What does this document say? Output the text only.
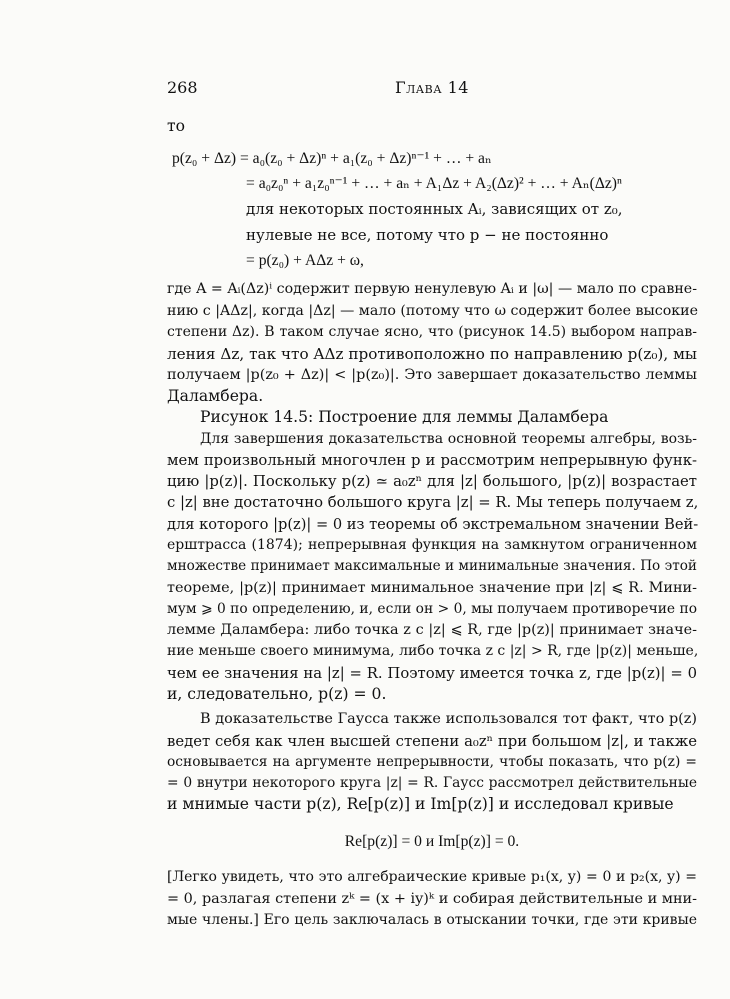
268	Глава 14
то
p(z₀ + Δz) = a₀(z₀ + Δz)ⁿ + a₁(z₀ + Δz)ⁿ⁻¹ + … + aₙ
= a₀z₀ⁿ + a₁z₀ⁿ⁻¹ + … + aₙ + A₁Δz + A₂(Δz)² + … + Aₙ(Δz)ⁿ
для некоторых постоянных Aᵢ, зависящих от z₀,
нулевые не все, потому что p − не постоянно
= p(z₀) + AΔz + ω,
где A = Aᵢ(Δz)ⁱ содержит первую ненулевую Aᵢ и |ω| — мало по сравне-
нию с |AΔz|, когда |Δz| — мало (потому что ω содержит более высокие
степени Δz). В таком случае ясно, что (рисунок 14.5) выбором направ-
ления Δz, так что AΔz противоположно по направлению p(z₀), мы
получаем |p(z₀ + Δz)| < |p(z₀)|. Это завершает доказательство леммы
Даламбера.
Рисунок 14.5: Построение для леммы Даламбера
Для завершения доказательства основной теоремы алгебры, возь-
мем произвольный многочлен p и рассмотрим непрерывную функ-
цию |p(z)|. Поскольку p(z) ≃ a₀zⁿ для |z| большого, |p(z)| возрастает
с |z| вне достаточно большого круга |z| = R. Мы теперь получаем z,
для которого |p(z)| = 0 из теоремы об экстремальном значении Вей-
ерштрасса (1874); непрерывная функция на замкнутом ограниченном
множестве принимает максимальные и минимальные значения. По этой
теореме, |p(z)| принимает минимальное значение при |z| ⩽ R. Мини-
мум ⩾ 0 по определению, и, если он > 0, мы получаем противоречие по
лемме Даламбера: либо точка z с |z| ⩽ R, где |p(z)| принимает значе-
ние меньше своего минимума, либо точка z с |z| > R, где |p(z)| меньше,
чем ее значения на |z| = R. Поэтому имеется точка z, где |p(z)| = 0
и, следовательно, p(z) = 0.
В доказательстве Гаусса также использовался тот факт, что p(z)
ведет себя как член высшей степени a₀zⁿ при большом |z|, и также
основывается на аргументе непрерывности, чтобы показать, что p(z) =
= 0 внутри некоторого круга |z| = R. Гаусс рассмотрел действительные
и мнимые части p(z), Re[p(z)] и Im[p(z)] и исследовал кривые
Re[p(z)] = 0 и Im[p(z)] = 0.
[Легко увидеть, что это алгебраические кривые p₁(x, y) = 0 и p₂(x, y) =
= 0, разлагая степени zᵏ = (x + iy)ᵏ и собирая действительные и мни-
мые члены.] Его цель заключалась в отыскании точки, где эти кривые
